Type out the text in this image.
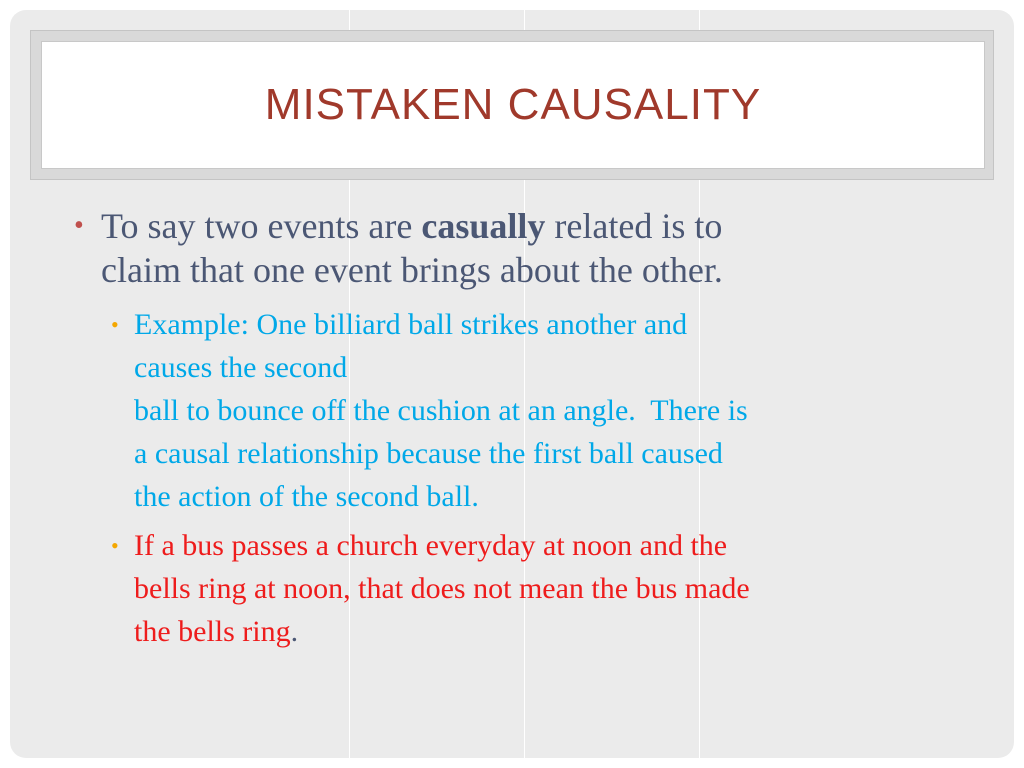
MISTAKEN CAUSALITY
• To say two events are casually related is to
claim that one event brings about the other.
• Example: One billiard ball strikes another and
causes the second
ball to bounce off the cushion at an angle.  There is
a causal relationship because the first ball caused
the action of the second ball.
• If a bus passes a church everyday at noon and the
bells ring at noon, that does not mean the bus made
the bells ring.
